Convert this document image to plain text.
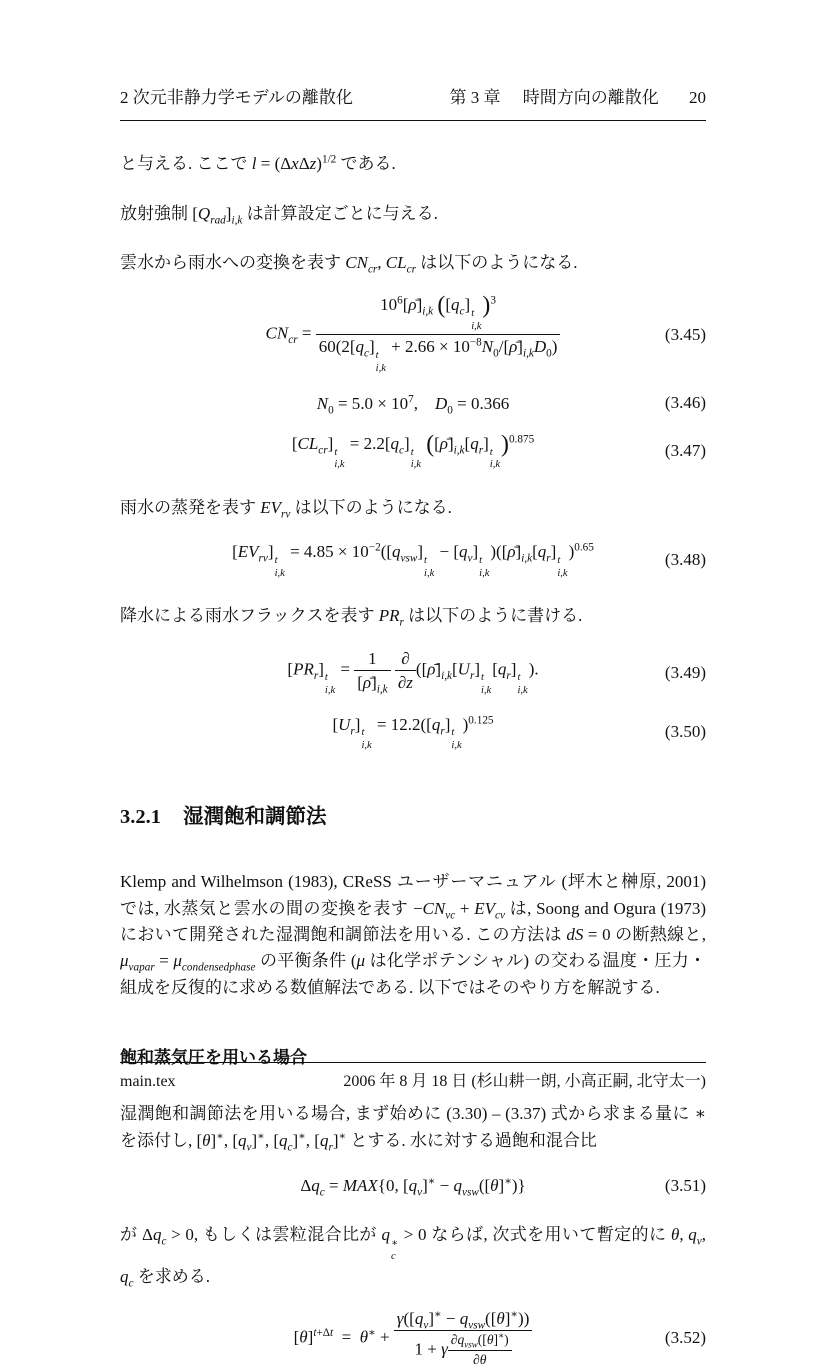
2 次元非静力学モデルの離散化	第 3 章 時間方向の離散化 20

と与える. ここで $l = (\Delta x\Delta z)^{1/2}$ である.

放射強制 $[Q_{rad}]_{i,k}$ は計算設定ごとに与える.

雲水から雨水への変換を表す $CN_{cr}$, $CL_{cr}$ は以下のようになる.

$CN_{cr}$ = $10^6[\rhō]_{i,k}$ ($[q_c]$ t
i,k
)$^3$
$60(2[q_c]$ t
i,k
+ $2.66 \times 10^{-8}N_0/[\rhō]_{i,k}D_0$)	(3.45)
$N_0 = 5.0 \times 10^7$,    $D_0 = 0.366$	(3.46)
$[CL_{cr}]$ t
i,k
= $2.2[q_c]$ t
i,k
($[\rhō]_{i,k}[q_r]$ t
i,k
)$^{0.875}$
(3.47)

雨水の蒸発を表す $EV_{rv}$ は以下のようになる.

$[EV_{rv}]$ t
i,k
= $4.85 \times 10^{-2}([q_{vsw}]$ t
i,k
− $[q_v]$ t
i,k
)($[\rhō]_{i,k}[q_r]$ t
i,k
)$^{0.65}$
(3.48)

降水による雨水フラックスを表す $PR_r$ は以下のように書ける.

$[PR_r]$ t
i,k
= $\frac{1}{[\rhō]_{i,k}}$
∂
∂z
($[\rhō]_{i,k}[U_r]$ t
i,k
$[q_r]$ t
i,k
).	(3.49)
$[U_r]$ t
i,k
= $12.2([q_r]$ t
i,k
)$^{0.125}$
(3.50)
3.2.1 湿潤飽和調節法

Klemp and Wilhelmson (1983), CReSS ユーザーマニュアル (坪木と榊原, 2001) では, 水蒸気と雲水の間の変換を表す $-CN_{vc} + EV_{cv}$ は, Soong and Ogura (1973) において開発された湿潤飽和調節法を用いる. この方法は dS = 0 の断熱線と, $\mu_{vapar} = \mu_{condensedphase}$ の平衡条件 (μ は化学ポテンシャル) の交わる温度・圧力・組成を反復的に求める数値解法である. 以下ではそのやり方を解説する.

飽和蒸気圧を用いる場合

湿潤飽和調節法を用いる場合, まず始めに (3.30) – (3.37) 式から求まる量に ∗ を添付し, [θ]∗, $[q_v]^∗$, $[q_c]^∗$, $[q_r]^∗$ とする. 水に対する過飽和混合比

$\Delta q_c = MAX\{0$, $[q_v]^∗ - q_{vsw}([\theta]^∗)$}	(3.51)

が $\Delta q_c > 0$, もしくは雲粒混合比が q ∗
c
> 0 ならば, 次式を用いて暫定的に θ, $q_v$, $q_c$ を求める.

$[\theta]^{t+\Delta t} = \theta^∗$ +
$\gamma([q_v]^∗ - q_{vsw}([\theta]^∗))$
1 + γ $\partial q_{vsw}([\theta]^∗)$
∂θ
(3.52)
main.tex	2006 年 8 月 18 日 (杉山耕一朗, 小高正嗣, 北守太一)
